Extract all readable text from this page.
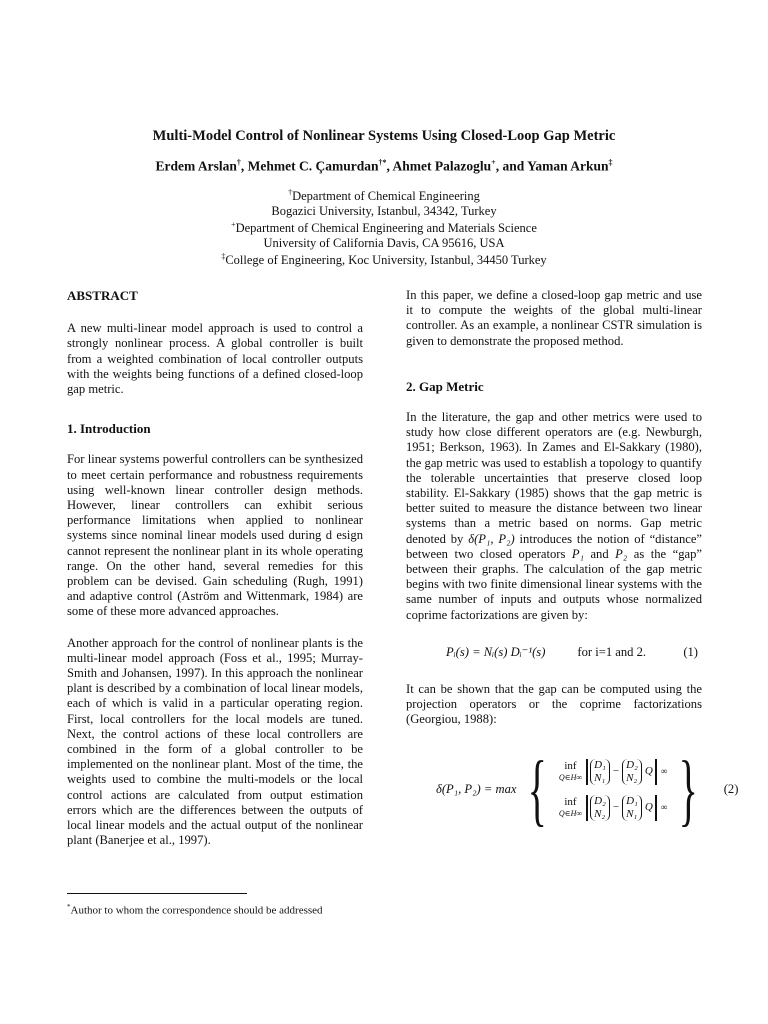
Multi-Model Control of Nonlinear Systems Using Closed-Loop Gap Metric
Erdem Arslan†, Mehmet C. Çamurdan†*, Ahmet Palazoglu+, and Yaman Arkun‡
†Department of Chemical Engineering
Bogazici University, Istanbul, 34342, Turkey
+Department of Chemical Engineering and Materials Science
University of California Davis, CA 95616, USA
‡College of Engineering, Koc University, Istanbul, 34450 Turkey
ABSTRACT

A new multi-linear model approach is used to control a strongly nonlinear process. A global controller is built from a weighted combination of local controller outputs with the weights being functions of a defined closed-loop gap metric.

1. Introduction

For linear systems powerful controllers can be synthesized to meet certain performance and robustness requirements using well-known linear controller design methods. However, linear controllers can exhibit serious performance limitations when applied to nonlinear systems since nominal linear models used during d esign cannot represent the nonlinear plant in its whole operating range. On the other hand, several remedies for this problem can be devised. Gain scheduling (Rugh, 1991) and adaptive control (Aström and Wittenmark, 1984) are some of these more advanced approaches.

Another approach for the control of nonlinear plants is the multi-linear model approach (Foss et al., 1995; Murray-Smith and Johansen, 1997). In this approach the nonlinear plant is described by a combination of local linear models, each of which is valid in a particular operating region. First, local controllers for the local models are tuned. Next, the control actions of these local controllers are combined in the form of a global controller to be implemented on the nonlinear plant. Most of the time, the weights used to combine the multi-models or the local control actions are calculated from output estimation errors which are the differences between the outputs of local linear models and the actual output of the nonlinear plant (Banerjee et al., 1997).

In this paper, we define a closed-loop gap metric and use it to compute the weights of the global multi-linear controller. As an example, a nonlinear CSTR simulation is given to demonstrate the proposed method.

2. Gap Metric

In the literature, the gap and other metrics were used to study how close different operators are (e.g. Newburgh, 1951; Berkson, 1963). In Zames and El-Sakkary (1980), the gap metric was used to establish a topology to quantify the tolerable uncertainties that preserve closed loop stability. El-Sakkary (1985) shows that the gap metric is better suited to measure the distance between two linear systems than a metric based on norms. Gap metric denoted by δ(P₁, P₂) introduces the notion of “distance” between two closed operators P₁ and P₂ as the “gap” between their graphs. The calculation of the gap metric begins with two finite dimensional linear systems with the same number of inputs and outputs whose normalized coprime factorizations are given by:

Pᵢ(s) = Nᵢ(s) Dᵢ⁻¹(s)	for i=1 and 2.	(1)

It can be shown that the gap can be computed using the projection operators or the coprime factorizations (Georgiou, 1988):

δ(P₁, P₂) = max { inf
Q∈H∞
D₁
N₁
−
D₂
N₂
Q ∞
inf
Q∈H∞
D₂
N₂
−
D₁
N₁
Q ∞ } (2)
*Author to whom the correspondence should be addressed
